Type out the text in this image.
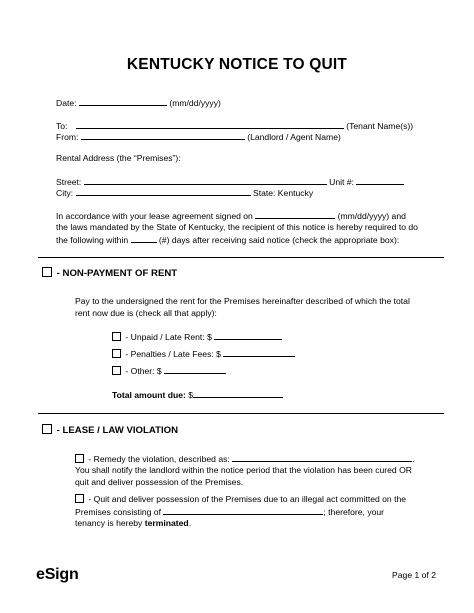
KENTUCKY NOTICE TO QUIT
Date:	(mm/dd/yyyy)
To:	(Tenant Name(s))
From:	(Landlord / Agent Name)
Rental Address (the “Premises”):
Street:	Unit #:
City:	State: Kentucky
In accordance with your lease agreement signed on	(mm/dd/yyyy) and
the laws mandated by the State of Kentucky, the recipient of this notice is hereby required to do
the following within	(#) days after receiving said notice (check the appropriate box):
- NON-PAYMENT OF RENT
Pay to the undersigned the rent for the Premises hereinafter described of which the total
rent now due is (check all that apply):
- Unpaid / Late Rent: $
- Penalties / Late Fees: $
- Other: $
Total amount due: $
- LEASE / LAW VIOLATION
- Remedy the violation, described as:	.
You shall notify the landlord within the notice period that the violation has been cured OR
quit and deliver possession of the Premises.
- Quit and deliver possession of the Premises due to an illegal act committed on the
Premises consisting of	; therefore, your
tenancy is hereby terminated.
eSign	Page 1 of 2
